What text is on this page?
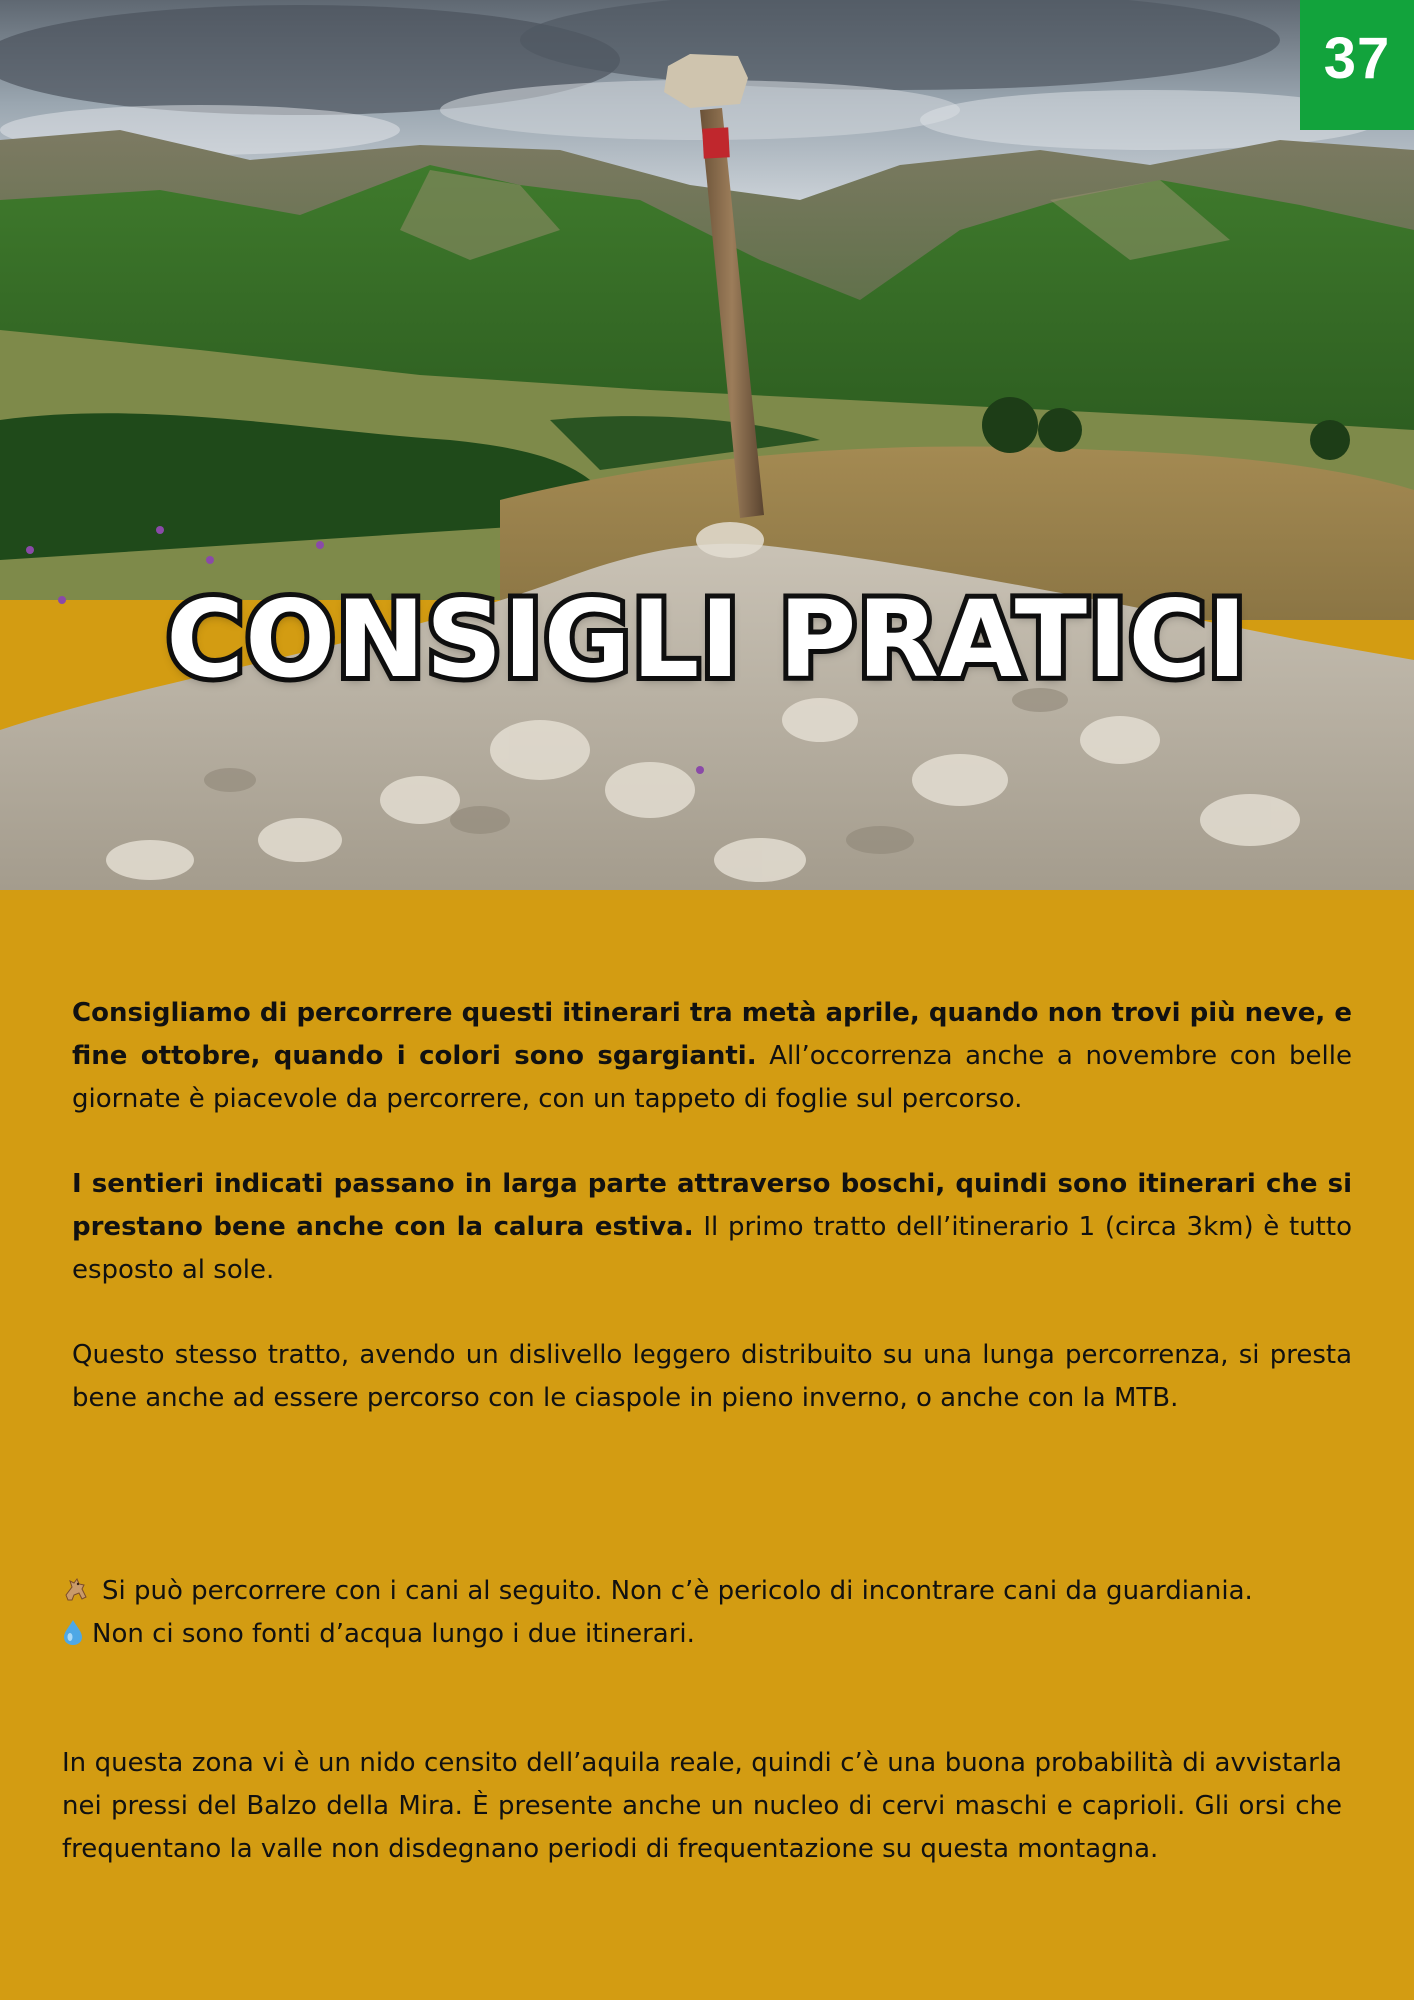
37
CONSIGLI PRATICI

Consigliamo di percorrere questi itinerari tra metà aprile, quando non trovi più neve, e fine ottobre, quando i colori sono sgargianti. All’occorrenza anche a novembre con belle giornate è piacevole da percorrere, con un tappeto di foglie sul percorso.

I sentieri indicati passano in larga parte attraverso boschi, quindi sono itinerari che si prestano bene anche con la calura estiva. Il primo tratto dell’itinerario 1 (circa 3km) è tutto esposto al sole.

Questo stesso tratto, avendo un dislivello leggero distribuito su una lunga percorrenza, si presta bene anche ad essere percorso con le ciaspole in pieno inverno, o anche con la MTB.

Si può percorrere con i cani al seguito. Non c’è pericolo di incontrare cani da guardiania.

Non ci sono fonti d’acqua lungo i due itinerari.

In questa zona vi è un nido censito dell’aquila reale, quindi c’è una buona probabilità di avvistarla nei pressi del Balzo della Mira. È presente anche un nucleo di cervi maschi e caprioli. Gli orsi che frequentano la valle non disdegnano periodi di frequentazione su questa montagna.
